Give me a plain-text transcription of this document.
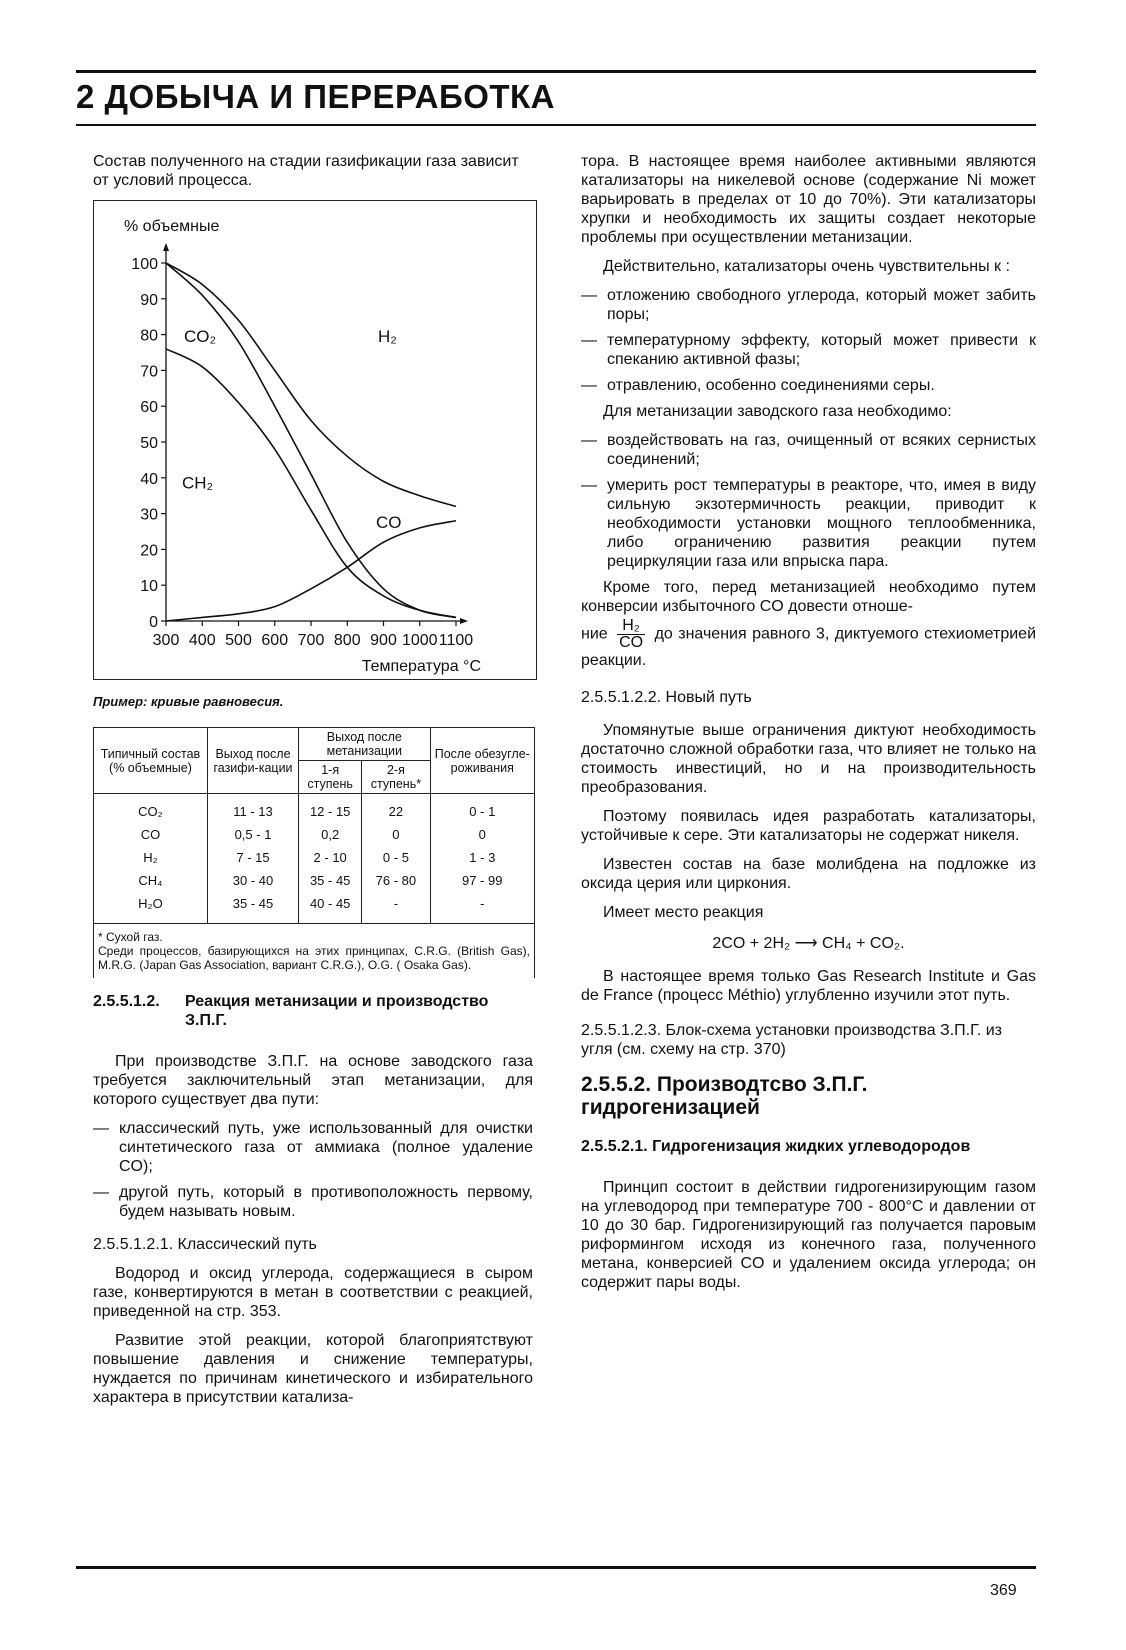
2 ДОБЫЧА И ПЕРЕРАБОТКА

Состав полученного на стадии газификации газа зависит от условий процесса.

0
10
20
30
40
50
60
70
80
90
100
300 400 500 600 700 800 900 1000 1100
% объемные
Температура °C
CO₂	H₂
CH₂
CO
Пример: кривые равновесия.
Типичный состав (% объемные)	Выход после газифи-кации	Выход после метанизации		После обезугле-роживания
		1-я ступень	2-я ступень*	
CO₂	11 - 13	12 - 15	22	0 - 1
CO	0,5 - 1	0,2	0	0
H₂	7 - 15	2 - 10	0 - 5	1 - 3
CH₄	30 - 40	35 - 45	76 - 80	97 - 99
H₂O	35 - 45	40 - 45	-	-

* Сухой газ.
Среди процессов, базирующихся на этих принципах, C.R.G. (British Gas), M.R.G. (Japan Gas Association, вариант C.R.G.), O.G. ( Osaka Gas).				
2.5.5.1.2.	Реакция метанизации и производство З.П.Г.

При производстве З.П.Г. на основе заводского газа требуется заключительный этап метанизации, для которого существует два пути:

— классический путь, уже использованный для очистки синтетического газа от аммиака (полное удаление CO);
— другой путь, который в противоположность первому, будем называть новым.

2.5.5.1.2.1. Классический путь

Водород и оксид углерода, содержащиеся в сыром газе, конвертируются в метан в соответствии с реакцией, приведенной на стр. 353.

Развитие этой реакции, которой благоприятствуют повышение давления и снижение температуры, нуждается по причинам кинетического и избирательного характера в присутствии катализа-

тора. В настоящее время наиболее активными являются катализаторы на никелевой основе (содержание Ni может варьировать в пределах от 10 до 70%). Эти катализаторы хрупки и необходимость их защиты создает некоторые проблемы при осуществлении метанизации.

Действительно, катализаторы очень чувствительны к :

— отложению свободного углерода, который может забить поры;
— температурному эффекту, который может привести к спеканию активной фазы;
— отравлению, особенно соединениями серы.

Для метанизации заводского газа необходимо:

— воздействовать на газ, очищенный от всяких сернистых соединений;
— умерить рост температуры в реакторе, что, имея в виду сильную экзотермичность реакции, приводит к необходимости установки мощного теплообменника, либо ограничению развития реакции путем рециркуляции газа или впрыска пара.

Кроме того, перед метанизацией необходимо путем конверсии избыточного CO довести отноше-

ние $\frac{\text{H₂}}{CO}$ до значения равного 3, диктуемого стехиометрией реакции.

2.5.5.1.2.2. Новый путь

Упомянутые выше ограничения диктуют необходимость достаточно сложной обработки газа, что влияет не только на стоимость инвестиций, но и на производительность преобразования.

Поэтому появилась идея разработать катализаторы, устойчивые к сере. Эти катализаторы не содержат никеля.

Известен состав на базе молибдена на подложке из оксида церия или циркония.

Имеет место реакция

2CO + 2H₂ ⟶ CH₄ + CO₂.

В настоящее время только Gas Research Institute и Gas de France (процесс Méthio) углубленно изучили этот путь.

2.5.5.1.2.3. Блок-схема установки производства З.П.Г. из угля (см. схему на стр. 370)

2.5.5.2. Производтсво З.П.Г. гидрогенизацией
2.5.5.2.1. Гидрогенизация жидких углеводородов

Принцип состоит в действии гидрогенизирующим газом на углеводород при температуре 700 - 800°C и давлении от 10 до 30 бар. Гидрогенизирующий газ получается паровым риформингом исходя из конечного газа, полученного метана, конверсией CO и удалением оксида углерода; он содержит пары воды.

369
